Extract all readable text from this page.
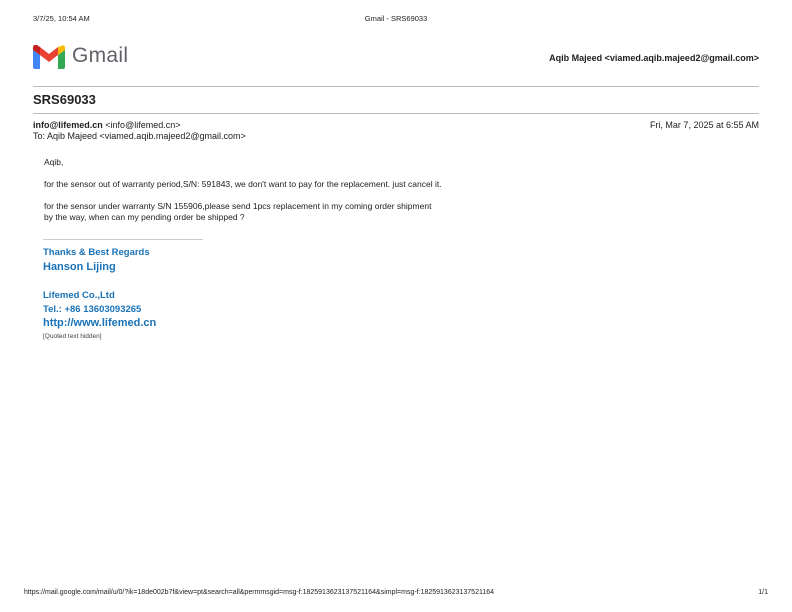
3/7/25, 10:54 AM	Gmail - SRS69033
Gmail	Aqib Majeed <viamed.aqib.majeed2@gmail.com>
SRS69033
info@lifemed.cn <info@lifemed.cn>	Fri, Mar 7, 2025 at 6:55 AM
To: Aqib Majeed <viamed.aqib.majeed2@gmail.com>
Aqib,
for the sensor out of warranty period,S/N: 591843, we don't want to pay for the replacement. just cancel it.
for the sensor under warranty S/N 155906,please send 1pcs replacement in my coming order shipment
by the way, when can my pending order be shipped ?
Thanks & Best Regards
Hanson Lijing
Lifemed Co.,Ltd
Tel.: +86 13603093265
http://www.lifemed.cn
[Quoted text hidden]
https://mail.google.com/mail/u/0/?ik=18de002b7f&view=pt&search=all&permmsgid=msg-f:1825913623137521164&simpl=msg-f:1825913623137521164	1/1
